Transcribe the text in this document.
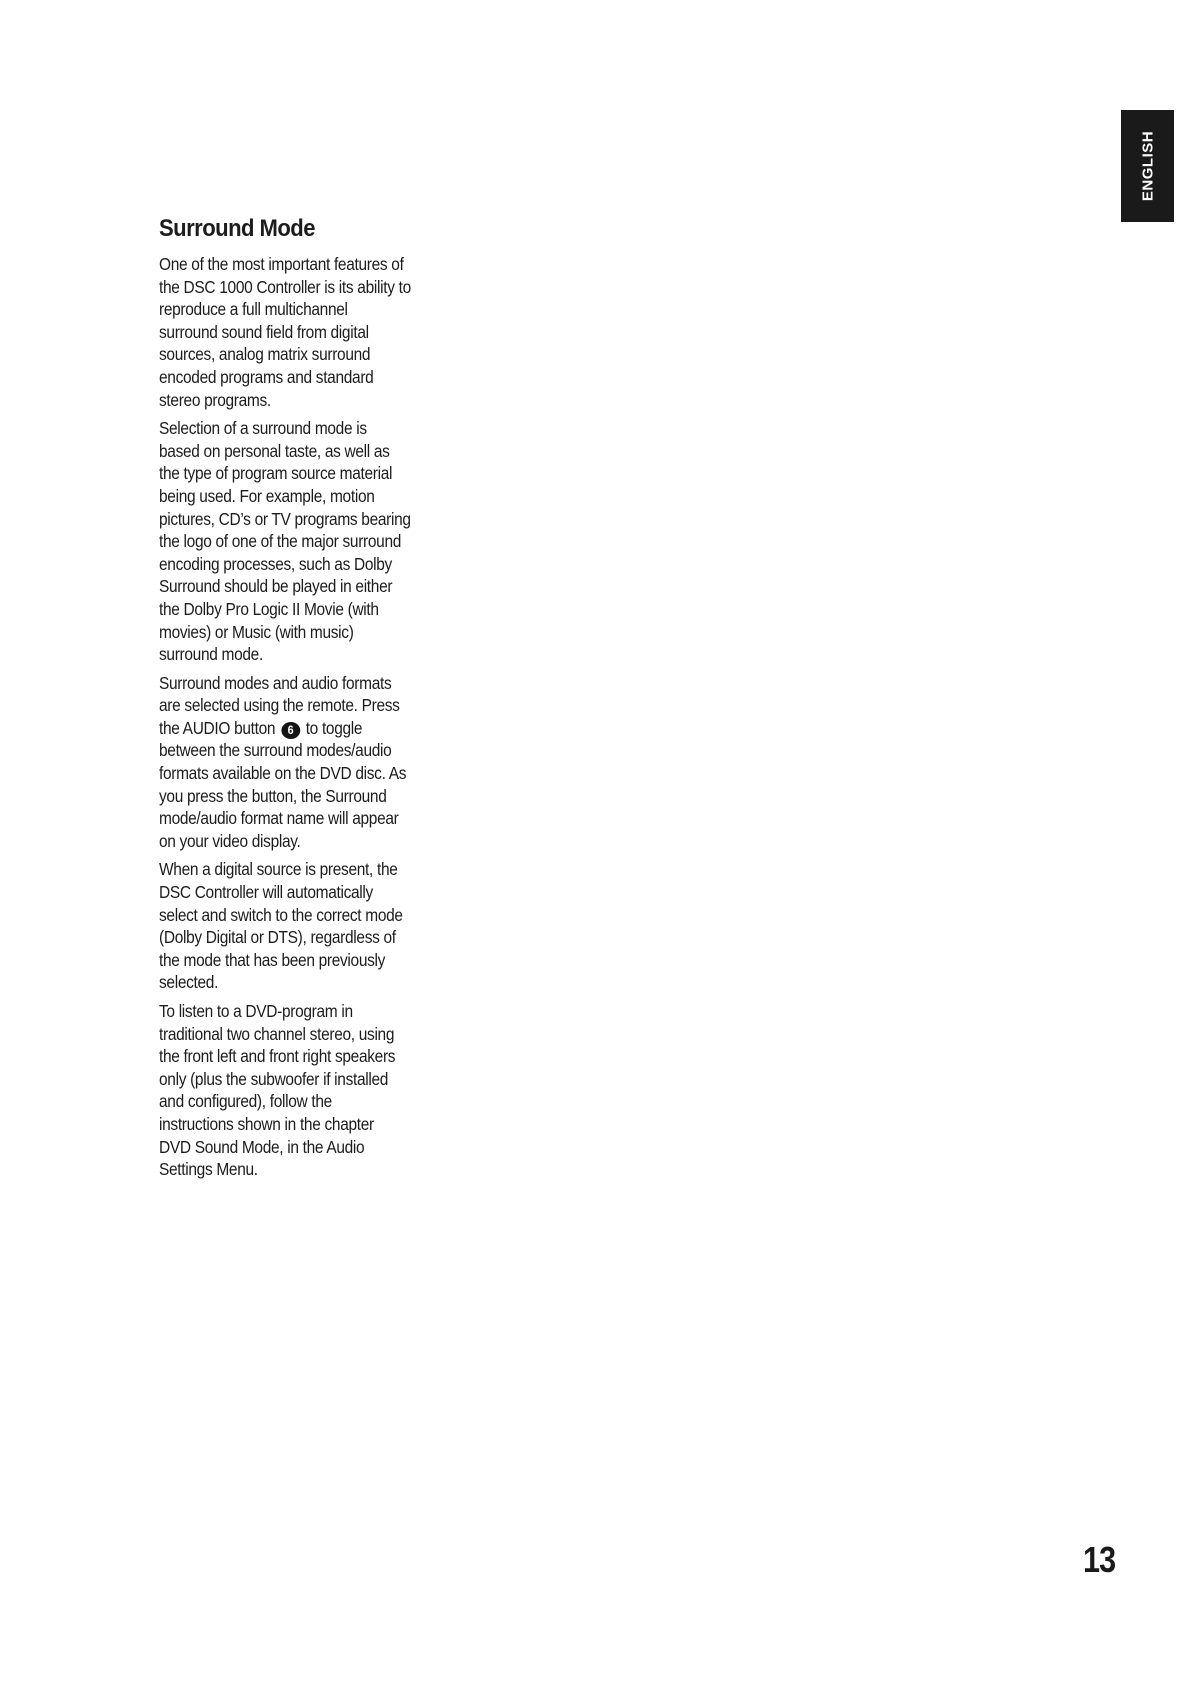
ENGLISH
Surround Mode

One of the most important features of
the DSC 1000 Controller is its ability to
reproduce a full multichannel
surround sound field from digital
sources, analog matrix surround
encoded programs and standard
stereo programs.

Selection of a surround mode is
based on personal taste, as well as
the type of program source material
being used. For example, motion
pictures, CD’s or TV programs bearing
the logo of one of the major surround
encoding processes, such as Dolby
Surround should be played in either
the Dolby Pro Logic II Movie (with
movies) or Music (with music)
surround mode.

Surround modes and audio formats
are selected using the remote. Press
the AUDIO button 6 to toggle
between the surround modes/audio
formats available on the DVD disc. As
you press the button, the Surround
mode/audio format name will appear
on your video display.

When a digital source is present, the
DSC Controller will automatically
select and switch to the correct mode
(Dolby Digital or DTS), regardless of
the mode that has been previously
selected.

To listen to a DVD-program in
traditional two channel stereo, using
the front left and front right speakers
only (plus the subwoofer if installed
and configured), follow the
instructions shown in the chapter
DVD Sound Mode, in the Audio
Settings Menu.

13
